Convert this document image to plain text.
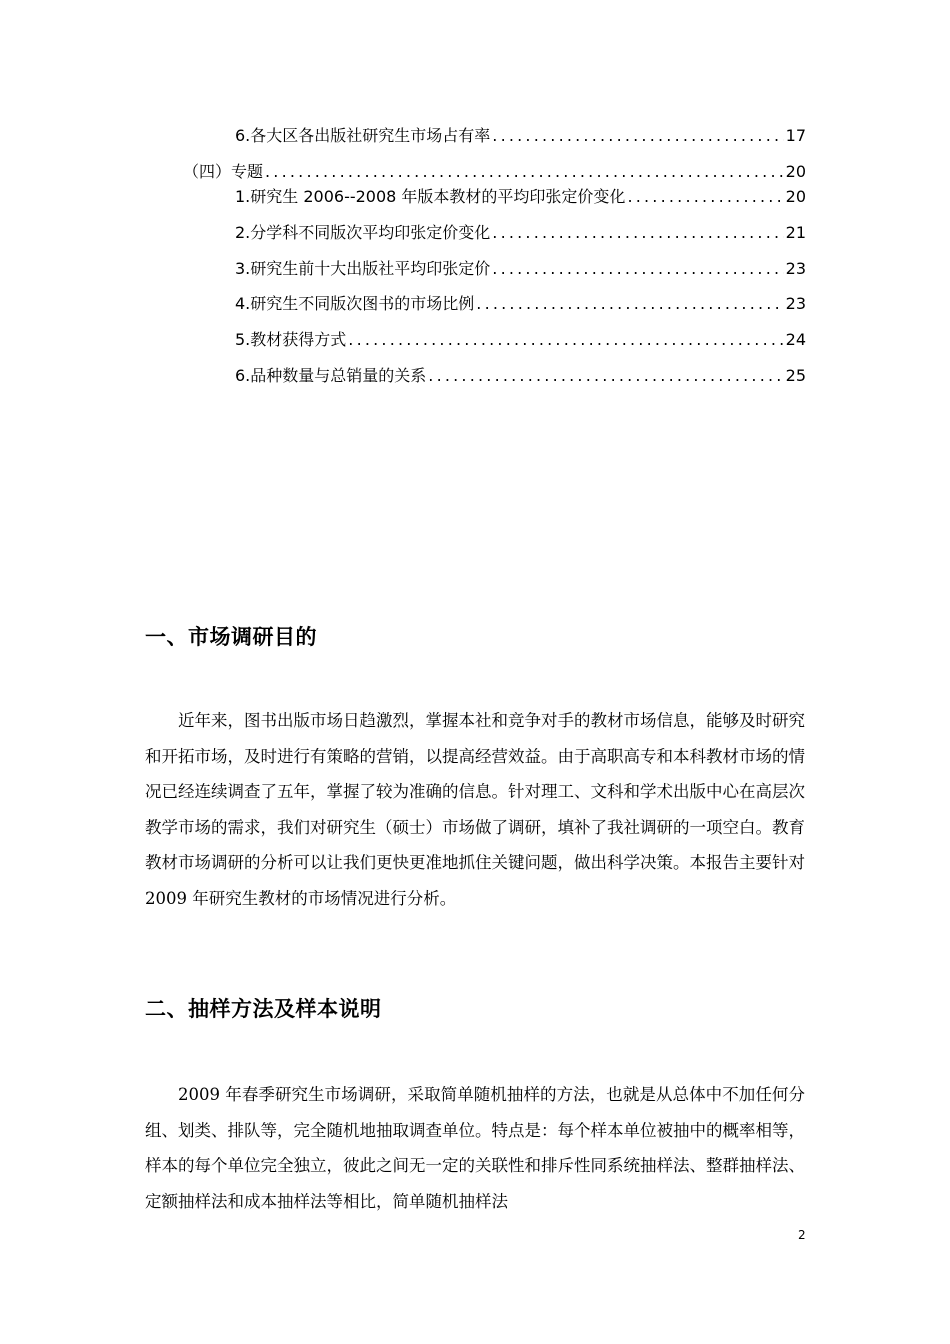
6.各大区各出版社研究生市场占有率 .....	17
（四）专题 .....	20
1.研究生 2006--2008 年版本教材的平均印张定价变化 .....	20
2.分学科不同版次平均印张定价变化 .....	21
3.研究生前十大出版社平均印张定价 .....	23
4.研究生不同版次图书的市场比例 .....	23
5.教材获得方式 .....	24
6.品种数量与总销量的关系 .....	25
一、市场调研目的

近年来，图书出版市场日趋激烈，掌握本社和竞争对手的教材市场信息，能够及时研究和开拓市场，及时进行有策略的营销，以提高经营效益。由于高职高专和本科教材市场的情况已经连续调查了五年，掌握了较为准确的信息。针对理工、文科和学术出版中心在高层次教学市场的需求，我们对研究生（硕士）市场做了调研，填补了我社调研的一项空白。教育教材市场调研的分析可以让我们更快更准地抓住关键问题，做出科学决策。本报告主要针对 2009 年研究生教材的市场情况进行分析。

二、抽样方法及样本说明

2009 年春季研究生市场调研，采取简单随机抽样的方法，也就是从总体中不加任何分组、划类、排队等，完全随机地抽取调查单位。特点是：每个样本单位被抽中的概率相等，样本的每个单位完全独立，彼此之间无一定的关联性和排斥性同系统抽样法、整群抽样法、定额抽样法和成本抽样法等相比，简单随机抽样法

2
